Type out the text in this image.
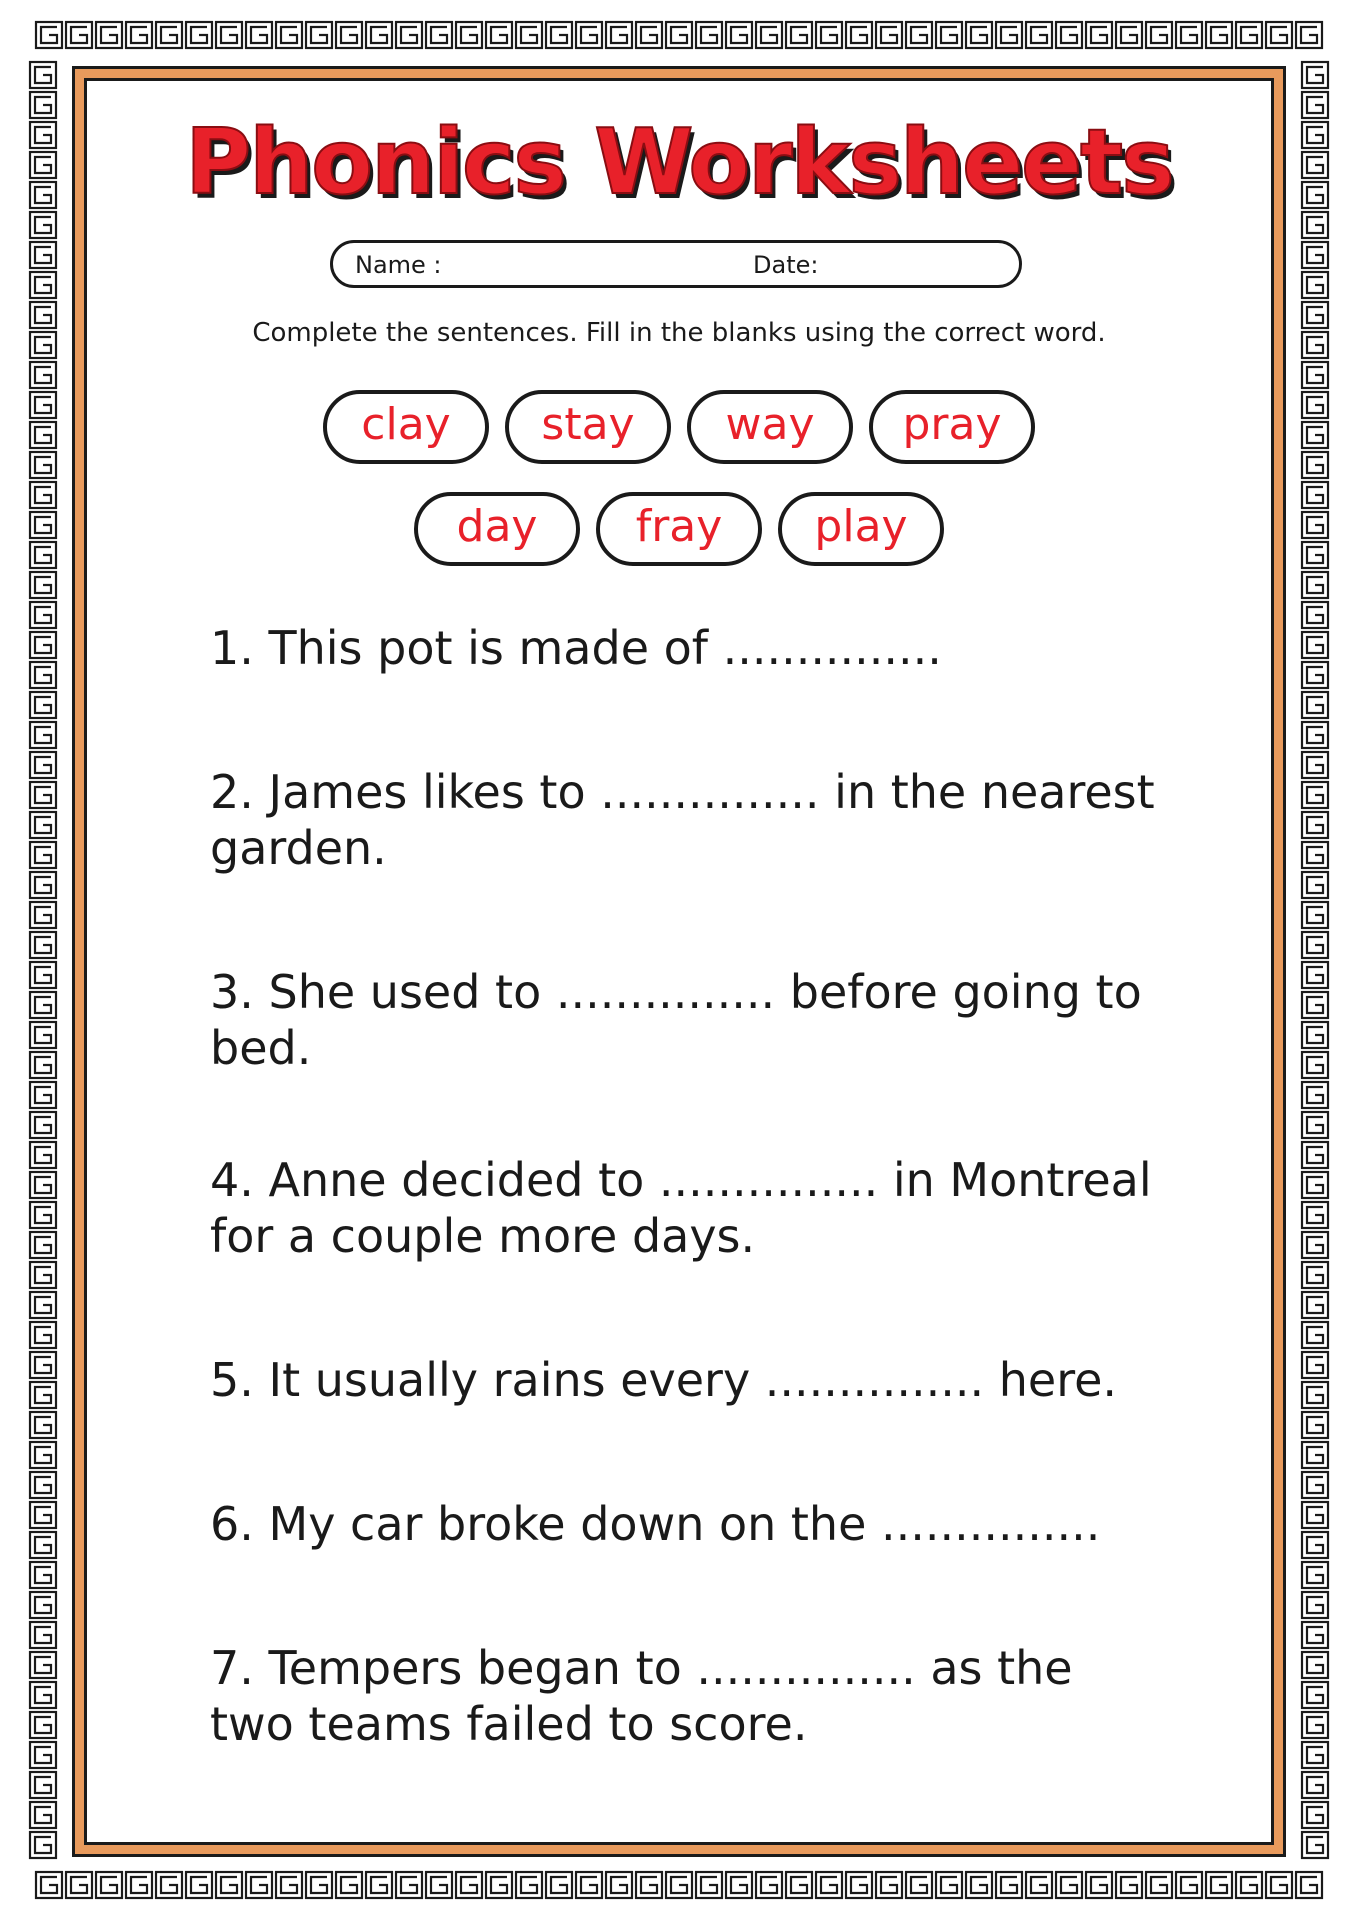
Phonics Worksheets
Name :	Date:
Complete the sentences. Fill in the blanks using the correct word.
clay	stay	way	pray
day	fray	play
1. This pot is made of ...............
2. James likes to ............... in the nearest garden.
3. She used to ............... before going to bed.
4. Anne decided to ............... in Montreal for a couple more days.
5. It usually rains every ............... here.
6. My car broke down on the ...............
7. Tempers began to ............... as the two teams failed to score.
